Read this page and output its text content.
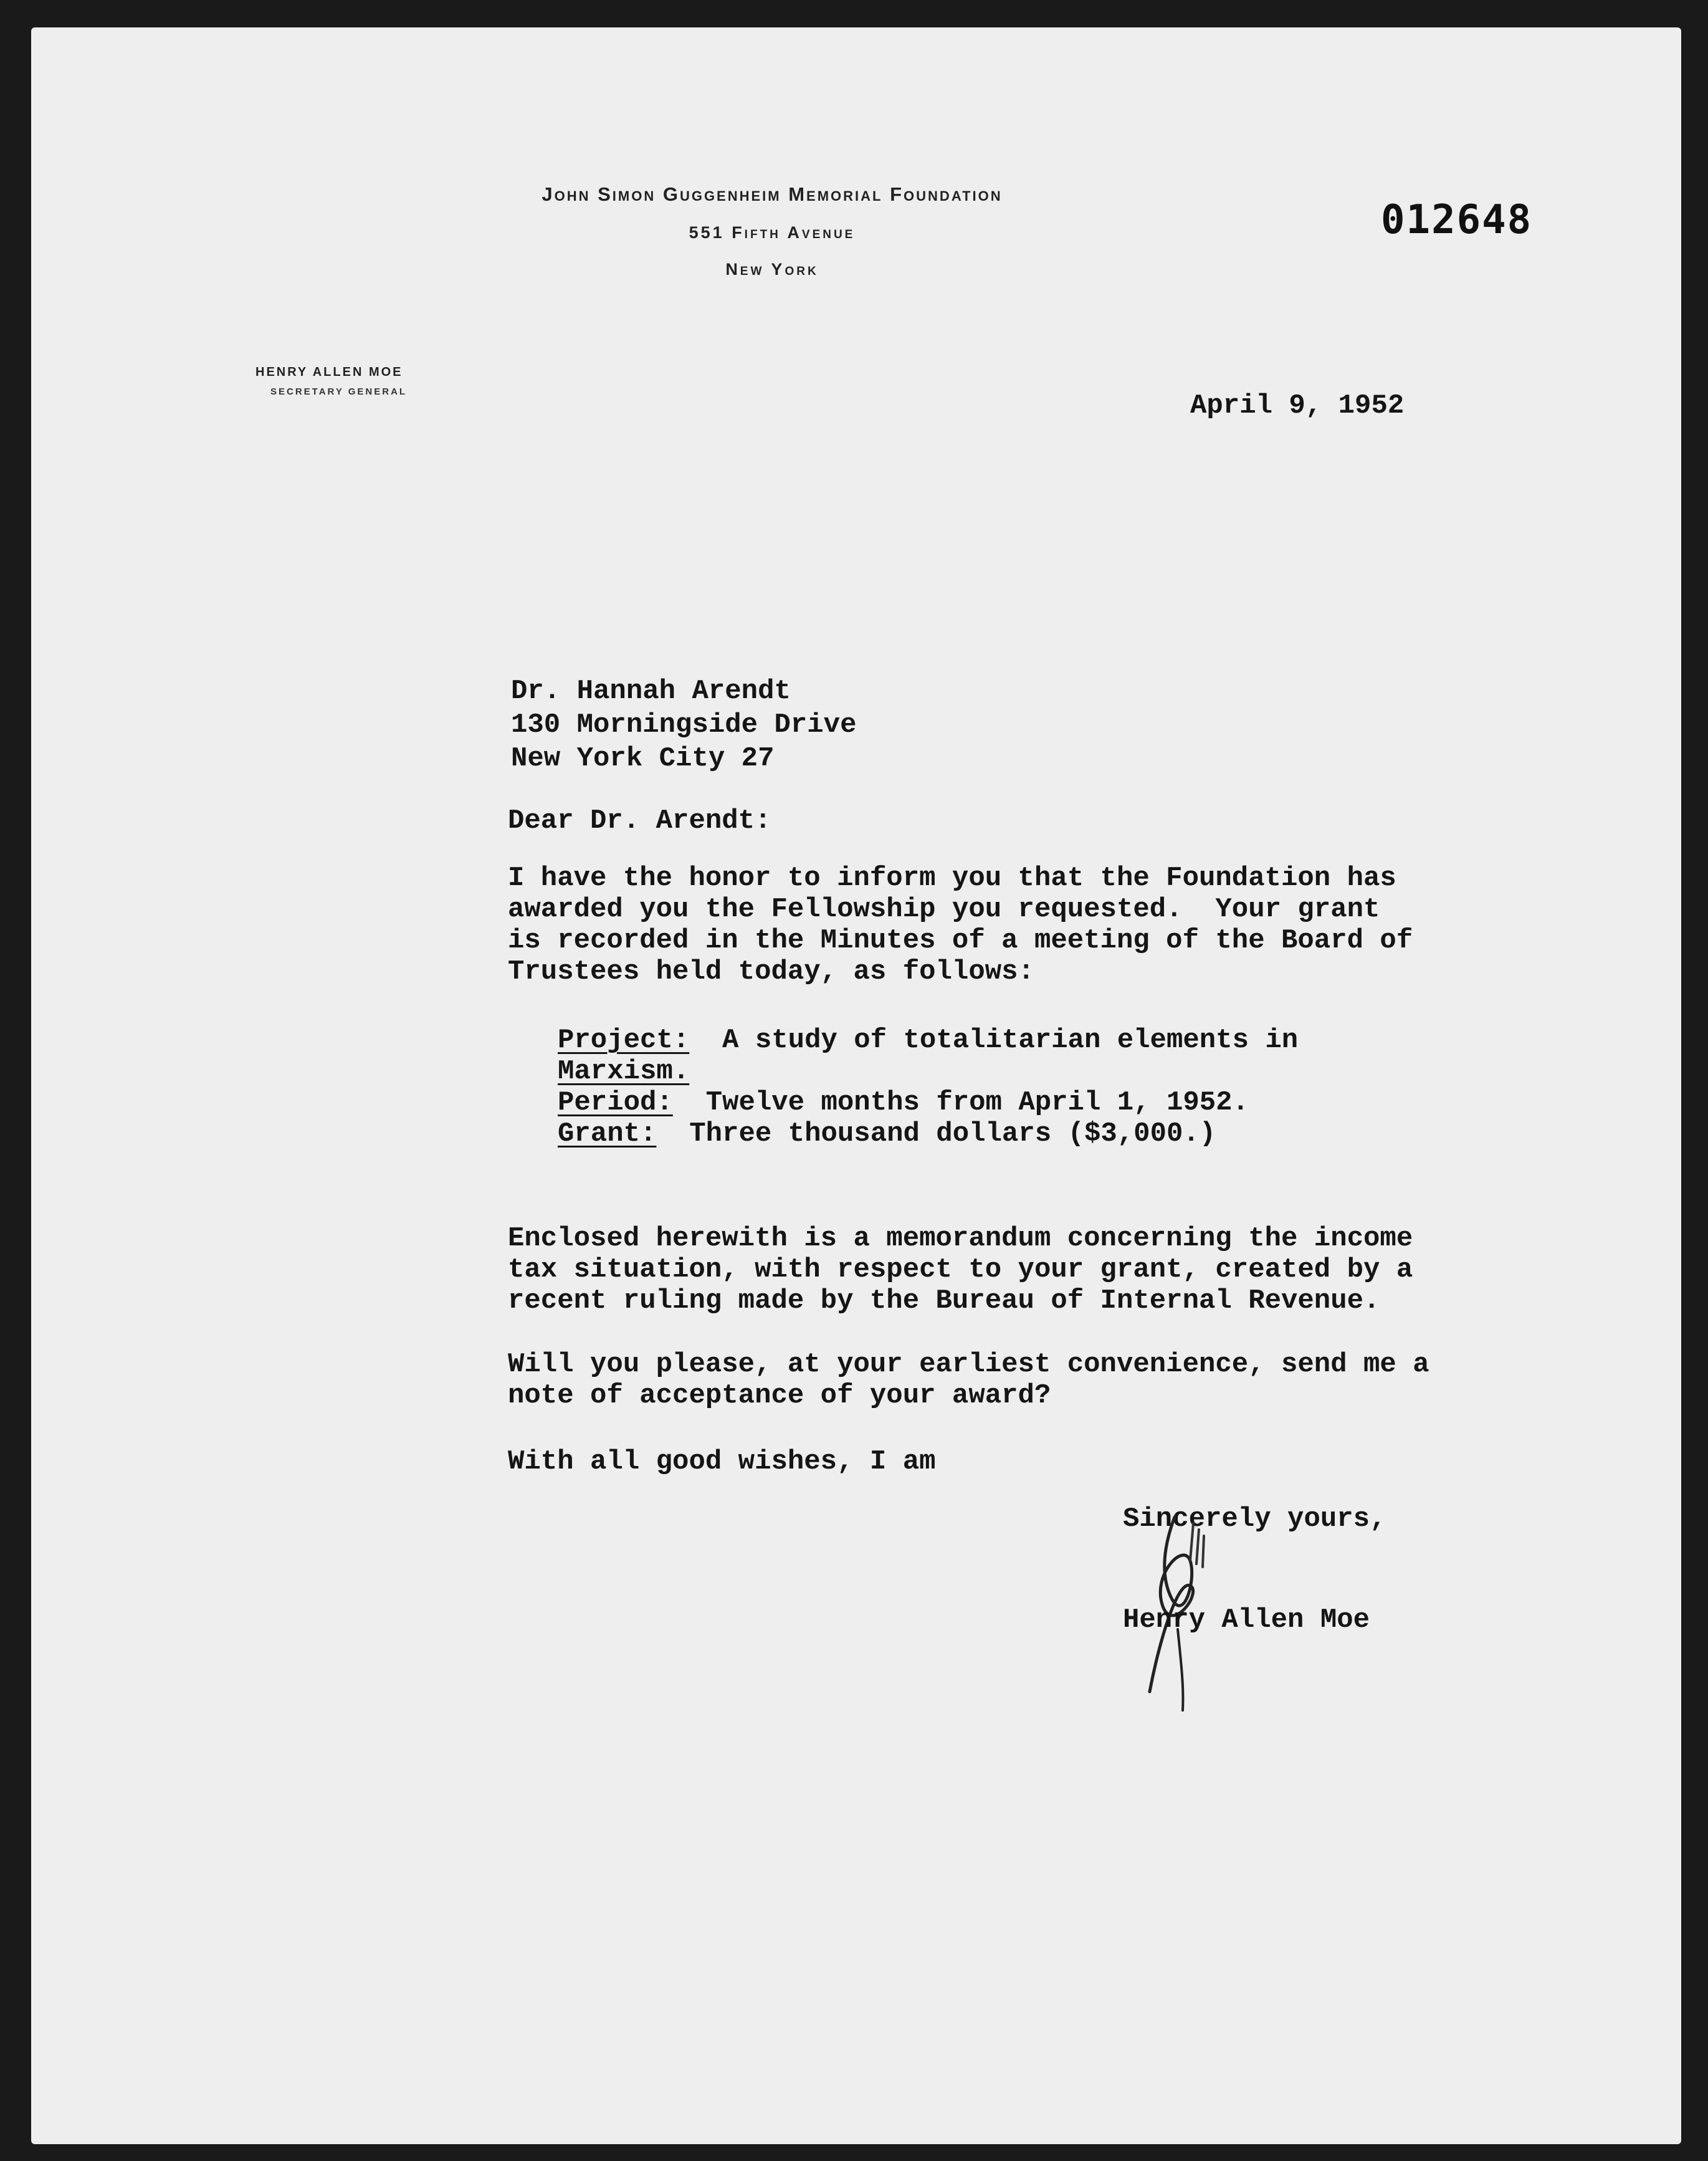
John Simon Guggenheim Memorial Foundation
551 Fifth Avenue
New York
012648
HENRY ALLEN MOE
SECRETARY GENERAL	April 9, 1952
Dr. Hannah Arendt
130 Morningside Drive
New York City 27
Dear Dr. Arendt:
I have the honor to inform you that the Foundation has
awarded you the Fellowship you requested.  Your grant
is recorded in the Minutes of a meeting of the Board of
Trustees held today, as follows:
Project:  A study of totalitarian elements in
Marxism.
Period:  Twelve months from April 1, 1952.
Grant:  Three thousand dollars ($3,000.)
Enclosed herewith is a memorandum concerning the income
tax situation, with respect to your grant, created by a
recent ruling made by the Bureau of Internal Revenue.
Will you please, at your earliest convenience, send me a
note of acceptance of your award?
With all good wishes, I am
Sincerely yours,
Henry Allen Moe
